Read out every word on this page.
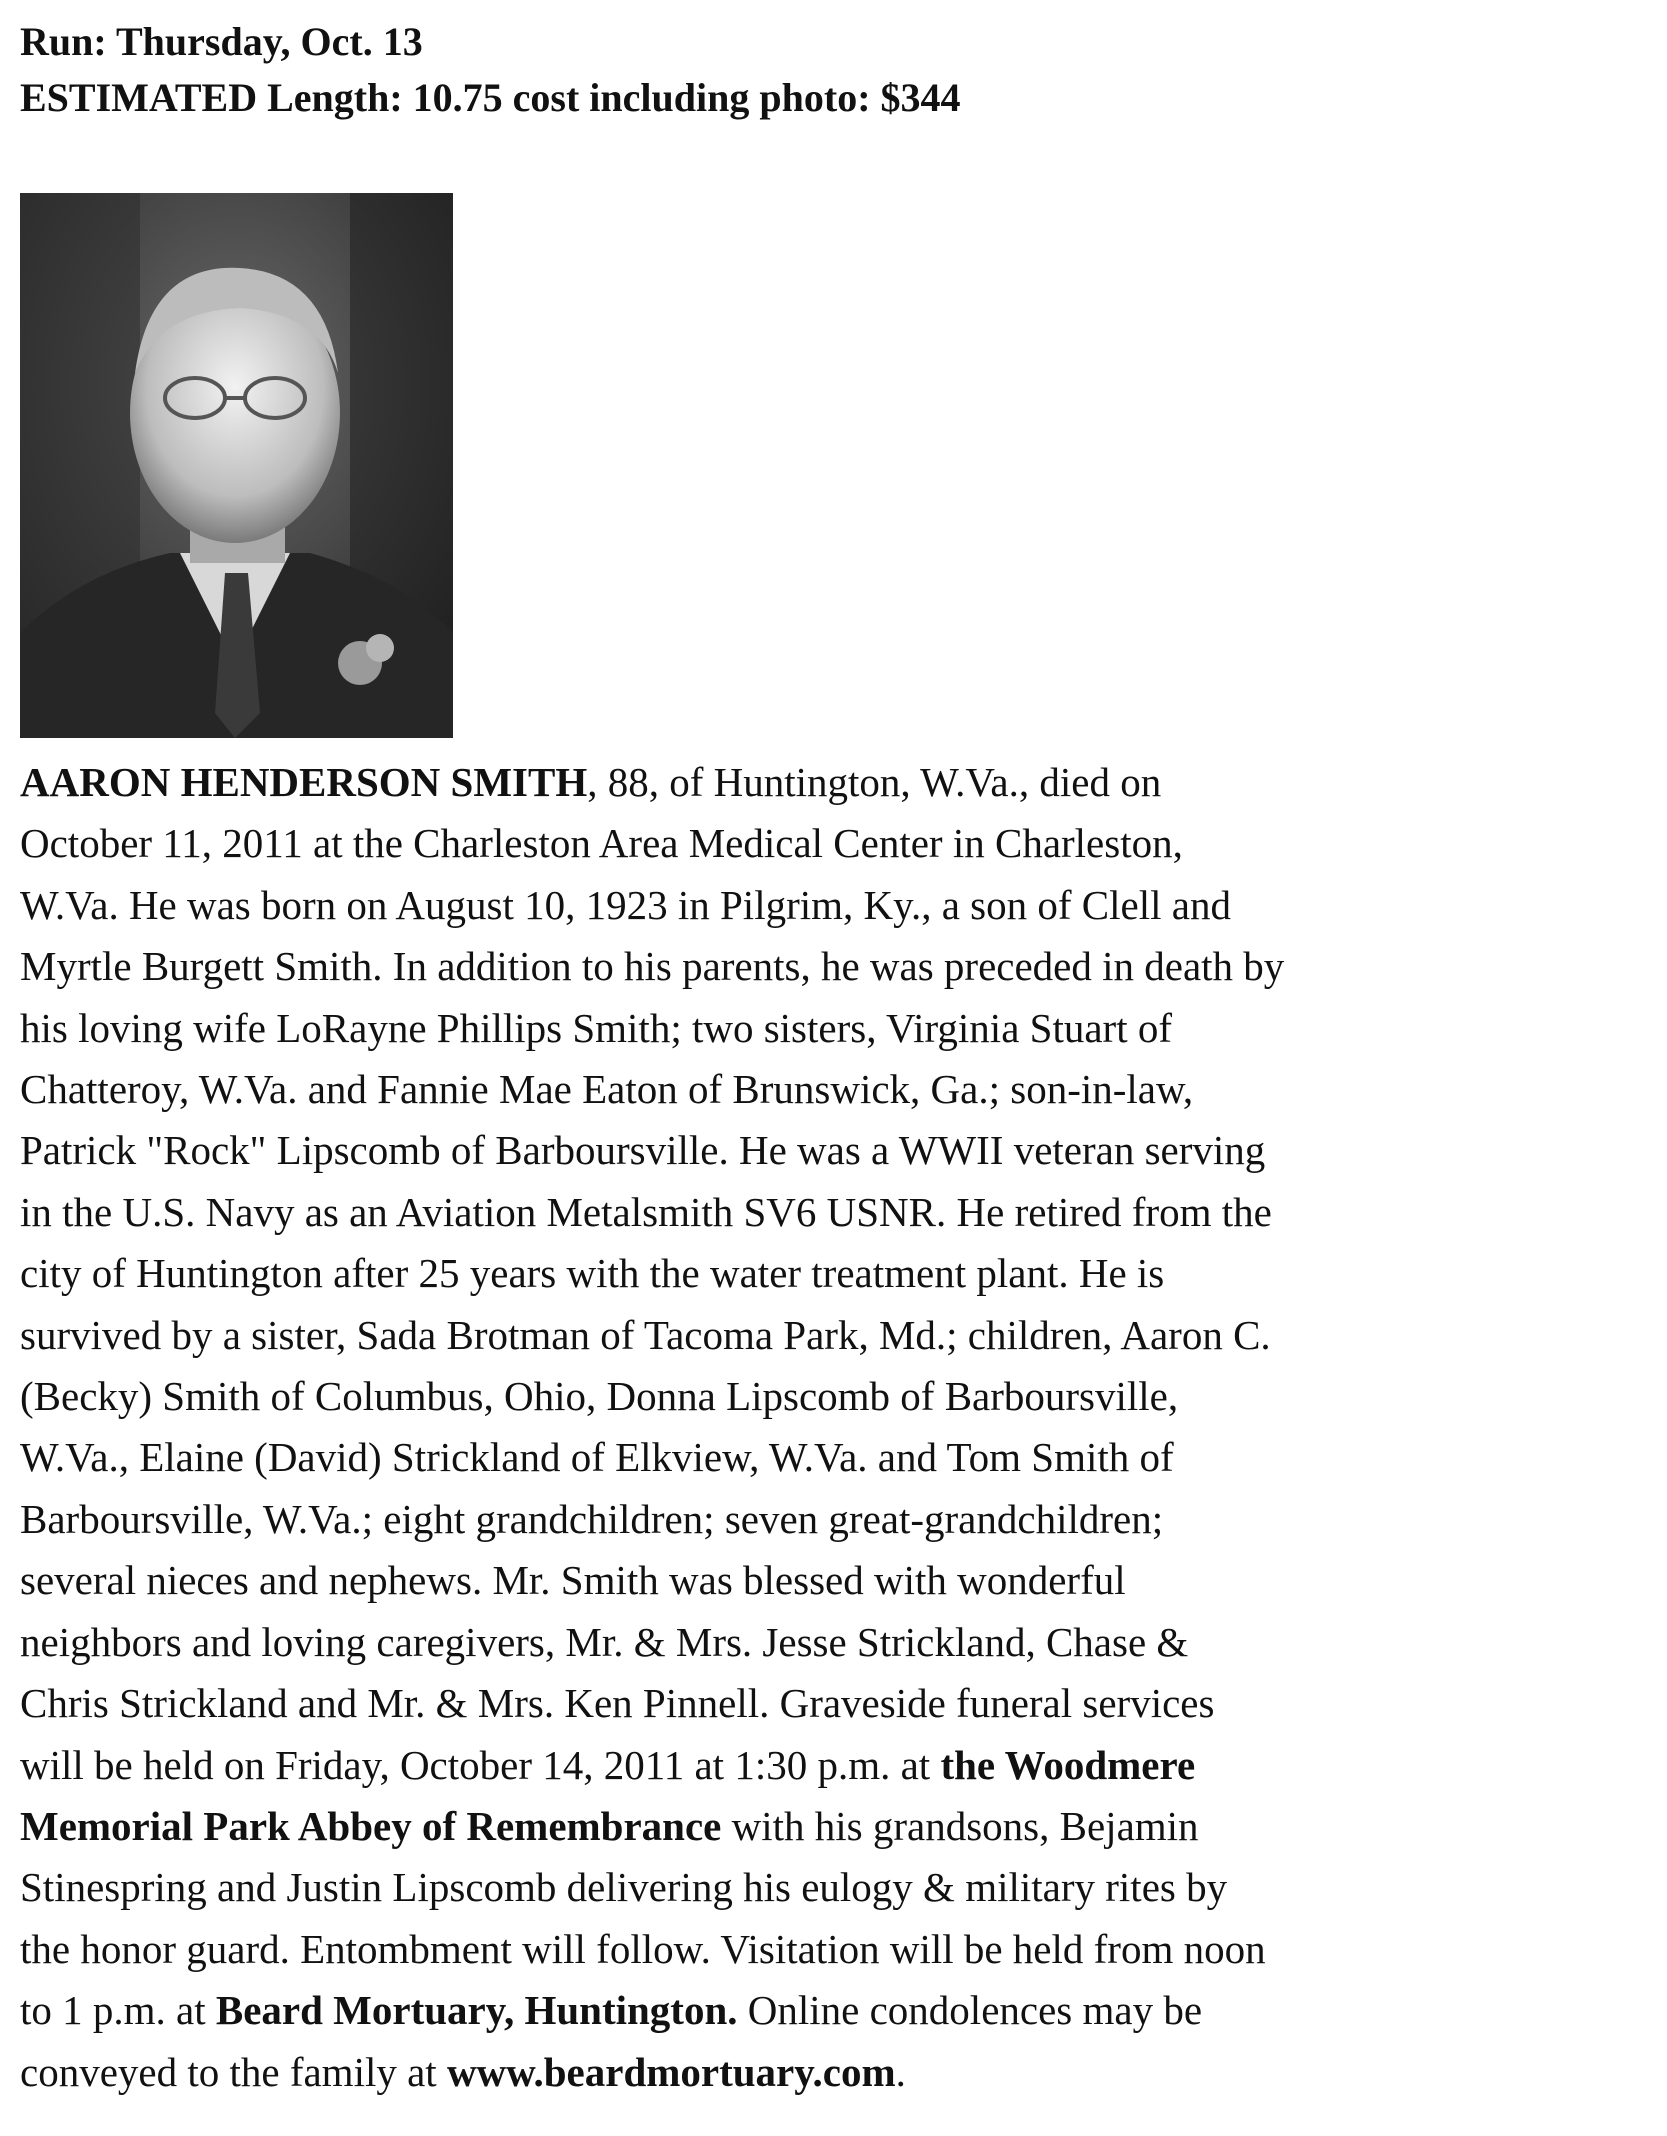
Run: Thursday, Oct. 13
ESTIMATED Length: 10.75 cost including photo: $344
AARON HENDERSON SMITH, 88, of Huntington, W.Va., died on
October 11, 2011 at the Charleston Area Medical Center in Charleston,
W.Va. He was born on August 10, 1923 in Pilgrim, Ky., a son of Clell and
Myrtle Burgett Smith. In addition to his parents, he was preceded in death by
his loving wife LoRayne Phillips Smith; two sisters, Virginia Stuart of
Chatteroy, W.Va. and Fannie Mae Eaton of Brunswick, Ga.; son-in-law,
Patrick "Rock" Lipscomb of Barboursville. He was a WWII veteran serving
in the U.S. Navy as an Aviation Metalsmith SV6 USNR. He retired from the
city of Huntington after 25 years with the water treatment plant. He is
survived by a sister, Sada Brotman of Tacoma Park, Md.; children, Aaron C.
(Becky) Smith of Columbus, Ohio, Donna Lipscomb of Barboursville,
W.Va., Elaine (David) Strickland of Elkview, W.Va. and Tom Smith of
Barboursville, W.Va.; eight grandchildren; seven great-grandchildren;
several nieces and nephews. Mr. Smith was blessed with wonderful
neighbors and loving caregivers, Mr. & Mrs. Jesse Strickland, Chase &
Chris Strickland and Mr. & Mrs. Ken Pinnell. Graveside funeral services
will be held on Friday, October 14, 2011 at 1:30 p.m. at the Woodmere
Memorial Park Abbey of Remembrance with his grandsons, Bejamin
Stinespring and Justin Lipscomb delivering his eulogy & military rites by
the honor guard. Entombment will follow. Visitation will be held from noon
to 1 p.m. at Beard Mortuary, Huntington. Online condolences may be
conveyed to the family at www.beardmortuary.com.
